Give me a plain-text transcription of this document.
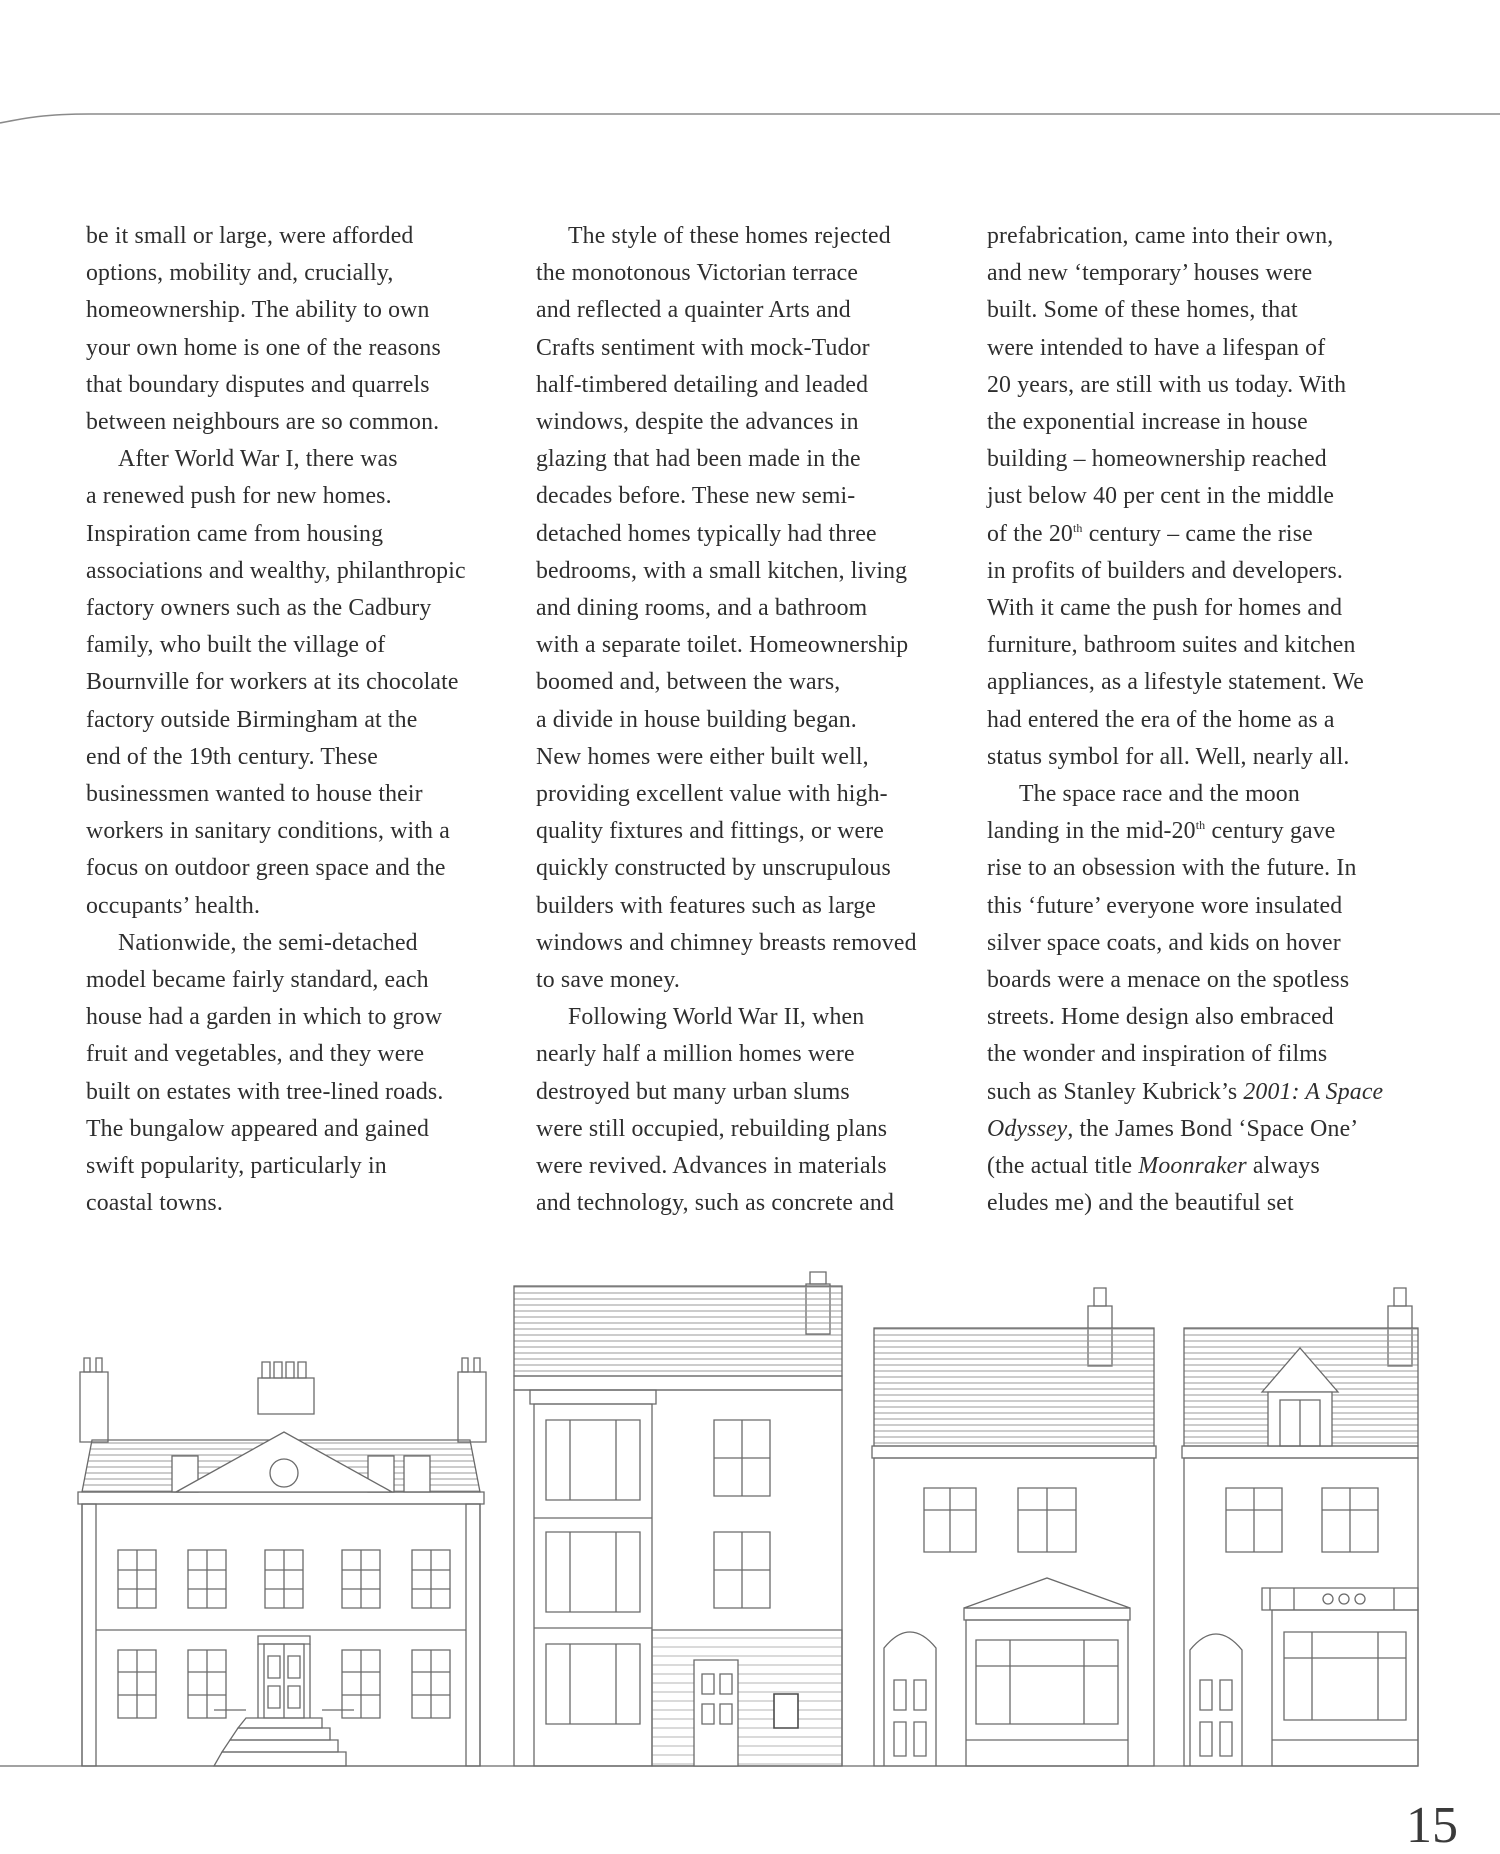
be it small or large, were afforded
options, mobility and, crucially,
homeownership. The ability to own
your own home is one of the reasons
that boundary disputes and quarrels
between neighbours are so common.

After World War I, there was
a renewed push for new homes.
Inspiration came from housing
associations and wealthy, philanthropic
factory owners such as the Cadbury
family, who built the village of
Bournville for workers at its chocolate
factory outside Birmingham at the
end of the 19th century. These
businessmen wanted to house their
workers in sanitary conditions, with a
focus on outdoor green space and the
occupants’ health.

Nationwide, the semi-detached
model became fairly standard, each
house had a garden in which to grow
fruit and vegetables, and they were
built on estates with tree-lined roads.
The bungalow appeared and gained
swift popularity, particularly in
coastal towns.

The style of these homes rejected
the monotonous Victorian terrace
and reflected a quainter Arts and
Crafts sentiment with mock-Tudor
half-timbered detailing and leaded
windows, despite the advances in
glazing that had been made in the
decades before. These new semi-
detached homes typically had three
bedrooms, with a small kitchen, living
and dining rooms, and a bathroom
with a separate toilet. Homeownership
boomed and, between the wars,
a divide in house building began.
New homes were either built well,
providing excellent value with high-
quality fixtures and fittings, or were
quickly constructed by unscrupulous
builders with features such as large
windows and chimney breasts removed
to save money.

Following World War II, when
nearly half a million homes were
destroyed but many urban slums
were still occupied, rebuilding plans
were revived. Advances in materials
and technology, such as concrete and

prefabrication, came into their own,
and new ‘temporary’ houses were
built. Some of these homes, that
were intended to have a lifespan of
20 years, are still with us today. With
the exponential increase in house
building – homeownership reached
just below 40 per cent in the middle
of the 20th century – came the rise
in profits of builders and developers.
With it came the push for homes and
furniture, bathroom suites and kitchen
appliances, as a lifestyle statement. We
had entered the era of the home as a
status symbol for all. Well, nearly all.

The space race and the moon
landing in the mid-20th century gave
rise to an obsession with the future. In
this ‘future’ everyone wore insulated
silver space coats, and kids on hover
boards were a menace on the spotless
streets. Home design also embraced
the wonder and inspiration of films
such as Stanley Kubrick’s 2001: A Space
Odyssey, the James Bond ‘Space One’
(the actual title Moonraker always
eludes me) and the beautiful set

15
